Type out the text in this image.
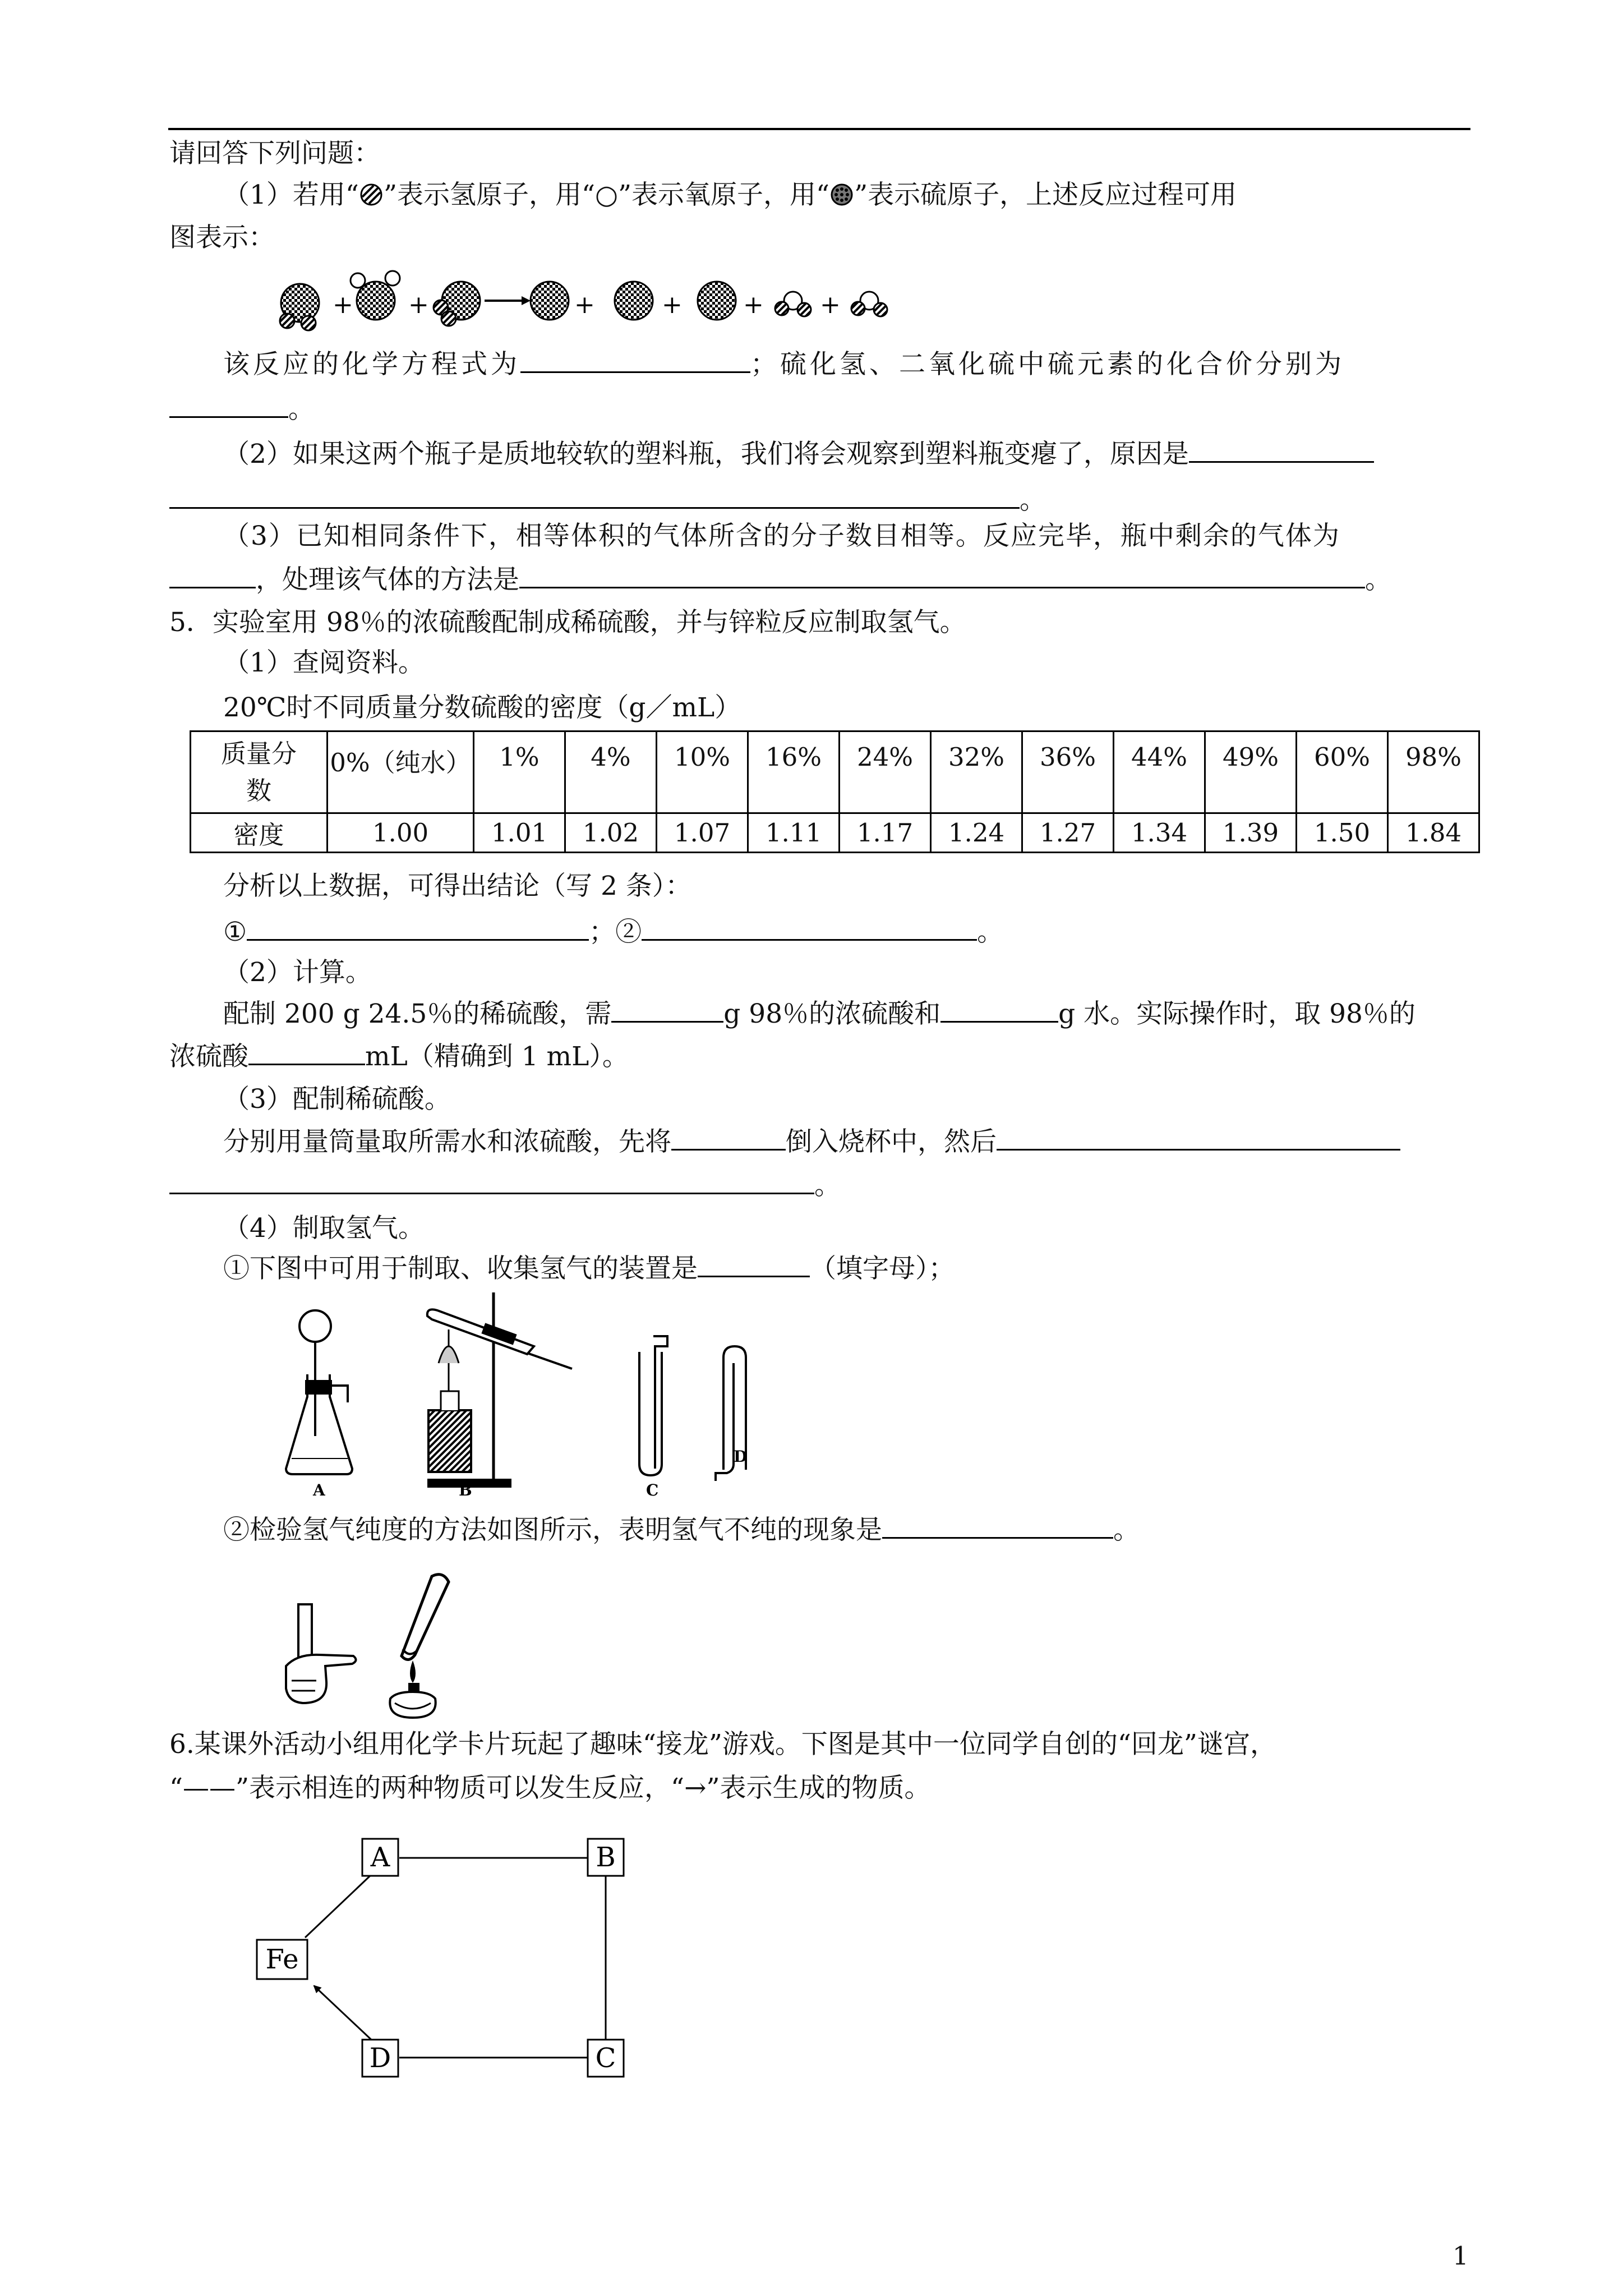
请回答下列问题：
（1）若用“ ”表示氢原子，用“○”表示氧原子，用“ ”表示硫原子，上述反应过程可用
图表示：
+ +	+	+ + +
该反应的化学方程式为	；硫化氢、二氧化硫中硫元素的化合价分别为
。
（2）如果这两个瓶子是质地较软的塑料瓶，我们将会观察到塑料瓶变瘪了，原因是
。
（3）已知相同条件下，相等体积的气体所含的分子数目相等。反应完毕，瓶中剩余的气体为
，处理该气体的方法是	。
5．实验室用 98％的浓硫酸配制成稀硫酸，并与锌粒反应制取氢气。
（1）查阅资料。
20℃时不同质量分数硫酸的密度（g／mL）
质量分
数	0%（纯水）	1%	4%	10%	16%	24%	32%	36%	44%	49%	60%	98%
密度	1.00	1.01	1.02	1.07	1.11	1.17	1.24	1.27	1.34	1.39	1.50	1.84
分析以上数据，可得出结论（写 2 条）：
①	；②	。
（2）计算。
配制 200 g 24.5％的稀硫酸，需	g 98％的浓硫酸和	g 水。实际操作时，取 98％的
浓硫酸	mL（精确到 1 mL）。
（3）配制稀硫酸。
分别用量筒量取所需水和浓硫酸，先将	倒入烧杯中，然后
。
（4）制取氢气。
①下图中可用于制取、收集氢气的装置是	（填字母）；
A	B	C
D
②检验氢气纯度的方法如图所示，表明氢气不纯的现象是	。
6.某课外活动小组用化学卡片玩起了趣味“接龙”游戏。下图是其中一位同学自创的“回龙”谜宫，
“——”表示相连的两种物质可以发生反应，“→”表示生成的物质。
A	B
Fe
D	C
1
